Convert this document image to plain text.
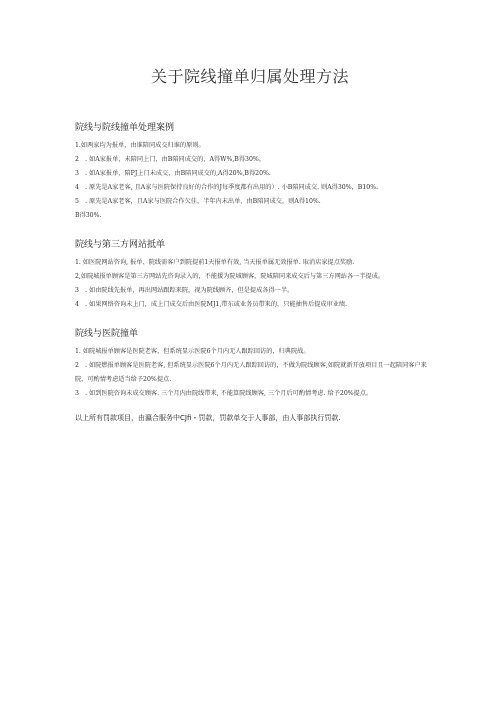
关于院线撞单归属处理方法
院线与院线撞单处理案例

1.如两家均为报单，由谁陪同成交归谁的原则。

2　. 如A家报单，未陪同上门，由B陪同成交的，A得W%,B得30%。

3　. 如A家报单，陪PJ上门未成交，由B陪同成交的,A得20%,B得20%.

4　. 原先是A家老客, 且A家与医院保持良好的合作的J每季度都有出用的）. 小B陪同成交. 则A得30%，B10%.

5　. 原先是A家老客，且A家与医院合作欠佳，半年内未出单，由B陪同成交，则A得10%.

B得30%.

院线与第三方网站抵单

1. 如医院网站咨询, 报单、院线需客户到院提前1天报单有效, 当天报单属无效报单. 取消店家提点奖励.

2,如院城报单顾客是第三方网站先咨询录入的，不能援为院城顾客，院城陪同来成交后与第三方网站各一半提成。

3　. 如由院线先报单，再出网站跟踪来院，视为院线顾齐，但是提成各得一半。

4　. 如果网络咨询未上门，成上门成交后由医院MJ1,带东或业务员带来的，只能抽售后提成审业绩.

院线与医院撞单

1. 如院城报单顾客是医院老客，但系统显示医院6个月内无人跟踪回访的，归典院战。

2　. 如院燃报单顾客是医院老客, 但系统显示医院6个月内无人跟踪回访的，不做为院线顾客,如院就新开放项目且一起陪同客户来院，可酌情考虑适当给予20%提点.

3　. 如到医院咨询未成交顾客. 三个月内由院线带来, 不能算院线顾客, 三个月后可酌情考虑. 给予20%提点。

以上所有罚款项目，由瀛合服务中CJfi・罚款，罚款单交于人事部，由人事部执行罚款.
